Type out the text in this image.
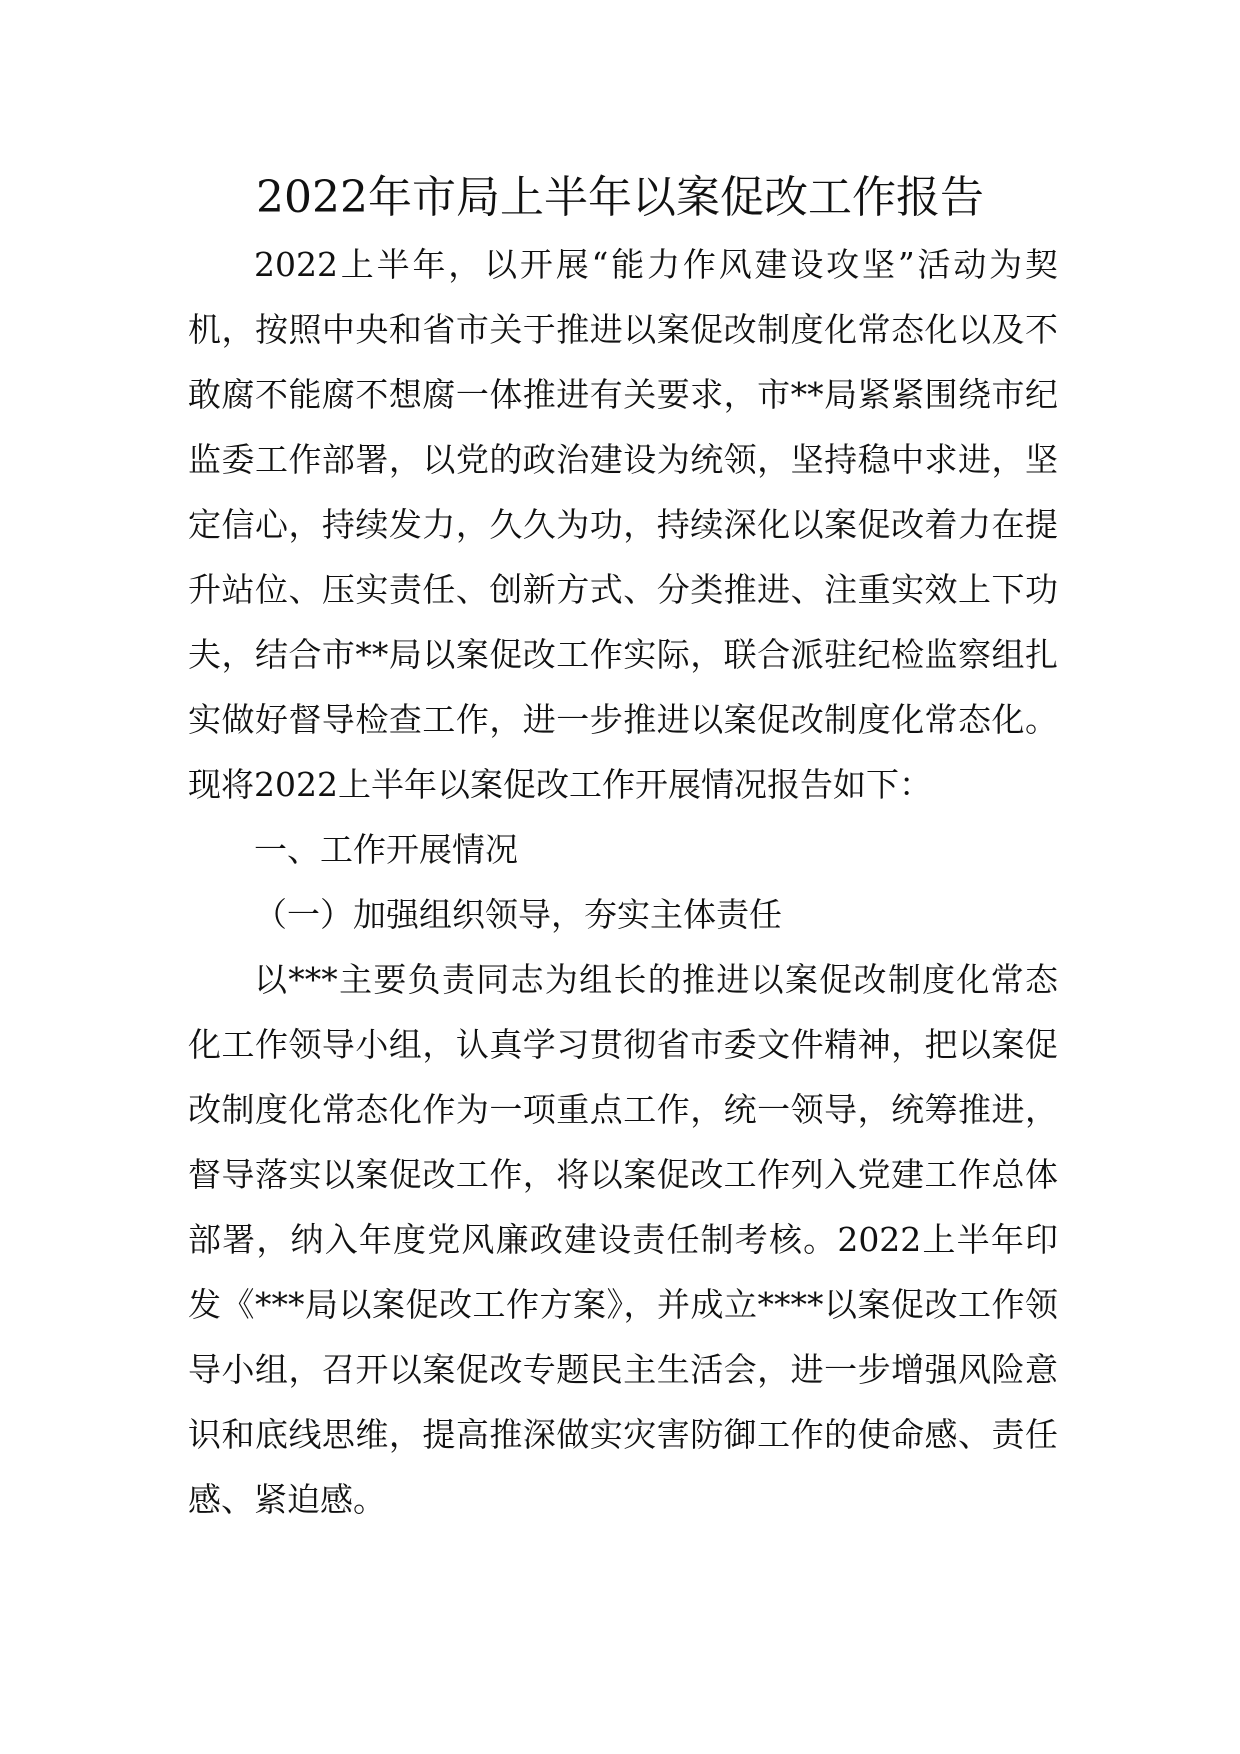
2022年市局上半年以案促改工作报告

2022上半年，以开展“能力作风建设攻坚”活动为契机，按照中央和省市关于推进以案促改制度化常态化以及不敢腐不能腐不想腐一体推进有关要求，市**局紧紧围绕市纪监委工作部署，以党的政治建设为统领，坚持稳中求进，坚定信心，持续发力，久久为功，持续深化以案促改着力在提升站位、压实责任、创新方式、分类推进、注重实效上下功夫，结合市**局以案促改工作实际，联合派驻纪检监察组扎实做好督导检查工作，进一步推进以案促改制度化常态化。现将2022上半年以案促改工作开展情况报告如下：

一、工作开展情况

（一）加强组织领导，夯实主体责任

以***主要负责同志为组长的推进以案促改制度化常态化工作领导小组，认真学习贯彻省市委文件精神，把以案促改制度化常态化作为一项重点工作，统一领导，统筹推进，督导落实以案促改工作，将以案促改工作列入党建工作总体部署，纳入年度党风廉政建设责任制考核。2022上半年印发《***局以案促改工作方案》，并成立****以案促改工作领导小组，召开以案促改专题民主生活会，进一步增强风险意识和底线思维，提高推深做实灾害防御工作的使命感、责任感、紧迫感。
